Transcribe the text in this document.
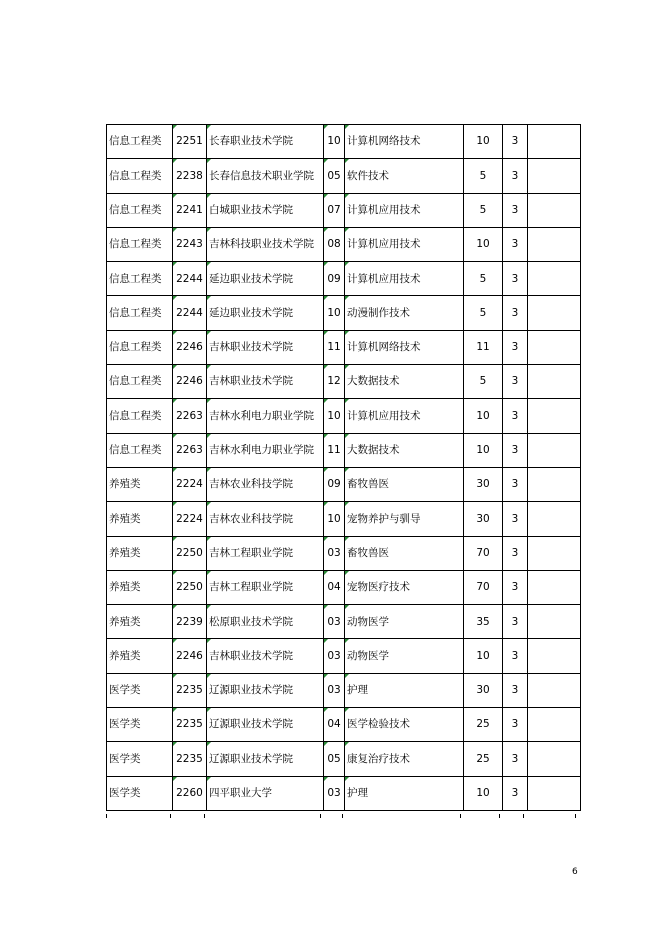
信息工程类	2251	长春职业技术学院	10	计算机网络技术	10	3	
信息工程类	2238	长春信息技术职业学院	05	软件技术	5	3	
信息工程类	2241	白城职业技术学院	07	计算机应用技术	5	3	
信息工程类	2243	吉林科技职业技术学院	08	计算机应用技术	10	3	
信息工程类	2244	延边职业技术学院	09	计算机应用技术	5	3	
信息工程类	2244	延边职业技术学院	10	动漫制作技术	5	3	
信息工程类	2246	吉林职业技术学院	11	计算机网络技术	11	3	
信息工程类	2246	吉林职业技术学院	12	大数据技术	5	3	
信息工程类	2263	吉林水利电力职业学院	10	计算机应用技术	10	3	
信息工程类	2263	吉林水利电力职业学院	11	大数据技术	10	3	
养殖类	2224	吉林农业科技学院	09	畜牧兽医	30	3	
养殖类	2224	吉林农业科技学院	10	宠物养护与驯导	30	3	
养殖类	2250	吉林工程职业学院	03	畜牧兽医	70	3	
养殖类	2250	吉林工程职业学院	04	宠物医疗技术	70	3	
养殖类	2239	松原职业技术学院	03	动物医学	35	3	
养殖类	2246	吉林职业技术学院	03	动物医学	10	3	
医学类	2235	辽源职业技术学院	03	护理	30	3	
医学类	2235	辽源职业技术学院	04	医学检验技术	25	3	
医学类	2235	辽源职业技术学院	05	康复治疗技术	25	3	
医学类	2260	四平职业大学	03	护理	10	3	
6
